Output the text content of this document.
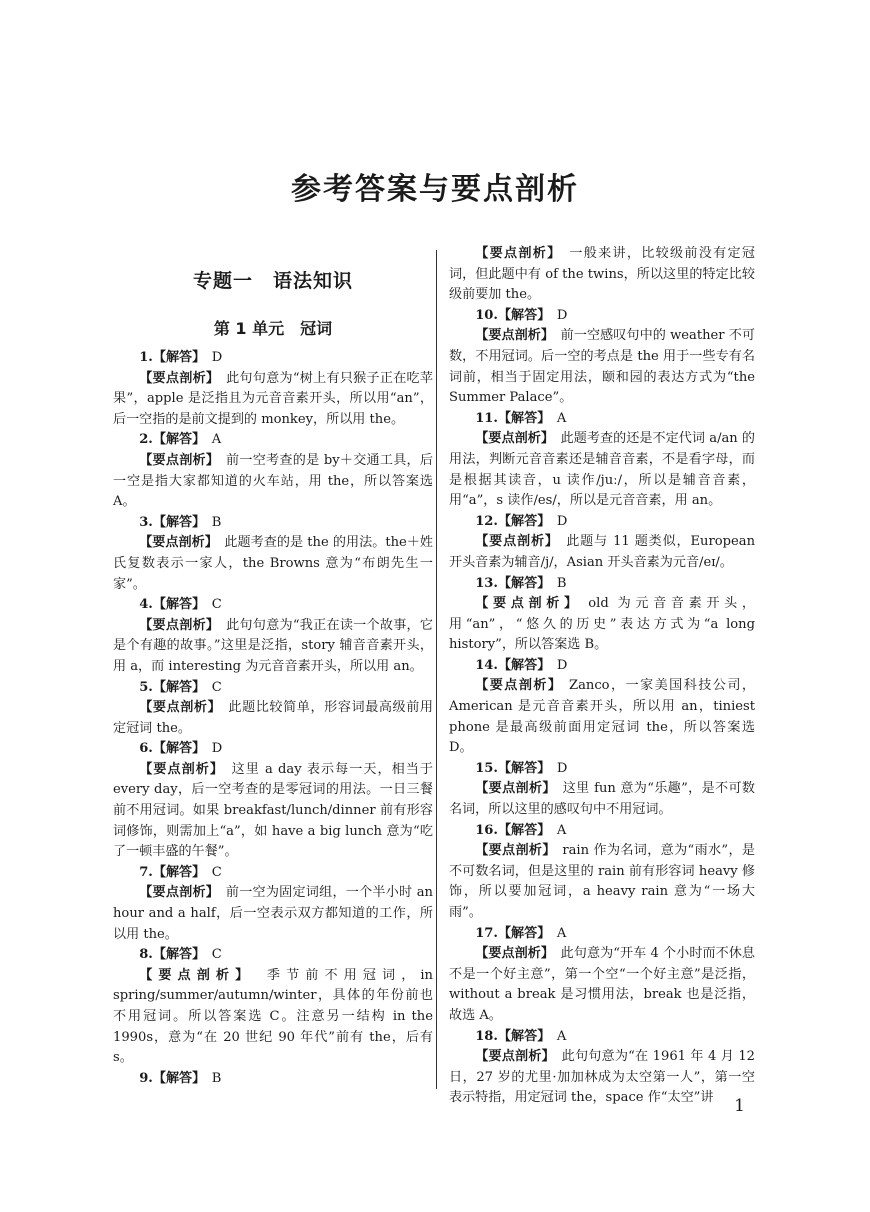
参考答案与要点剖析
专题一　语法知识
第 1 单元　冠词

1.【解答】  D

【要点剖析】  此句句意为“树上有只猴子正在吃苹果”，apple 是泛指且为元音音素开头，所以用“an”，后一空指的是前文提到的 monkey，所以用 the。

2.【解答】  A

【要点剖析】  前一空考查的是 by＋交通工具，后一空是指大家都知道的火车站，用 the，所以答案选 A。

3.【解答】  B

【要点剖析】  此题考查的是 the 的用法。the＋姓氏复数表示一家人，the Browns 意为“布朗先生一家”。

4.【解答】  C

【要点剖析】  此句句意为“我正在读一个故事，它是个有趣的故事。”这里是泛指，story 辅音音素开头，用 a，而 interesting 为元音音素开头，所以用 an。

5.【解答】  C

【要点剖析】  此题比较简单，形容词最高级前用定冠词 the。

6.【解答】  D

【要点剖析】  这里 a day 表示每一天，相当于 every day，后一空考查的是零冠词的用法。一日三餐前不用冠词。如果 breakfast/lunch/dinner 前有形容词修饰，则需加上“a”，如 have a big lunch 意为“吃了一顿丰盛的午餐”。

7.【解答】  C

【要点剖析】  前一空为固定词组，一个半小时 an hour and a half，后一空表示双方都知道的工作，所以用 the。

8.【解答】  C

【要点剖析】  季节前不用冠词，in spring/summer/autumn/winter，具体的年份前也不用冠词。所以答案选 C。注意另一结构 in the 1990s，意为“在 20 世纪 90 年代”前有 the，后有 s。

9.【解答】  B

【要点剖析】  一般来讲，比较级前没有定冠词，但此题中有 of the twins，所以这里的特定比较级前要加 the。

10.【解答】  D

【要点剖析】  前一空感叹句中的 weather 不可数，不用冠词。后一空的考点是 the 用于一些专有名词前，相当于固定用法，颐和园的表达方式为“the Summer Palace”。

11.【解答】  A

【要点剖析】  此题考查的还是不定代词 a/an 的用法，判断元音音素还是辅音音素，不是看字母，而是根据其读音，u 读作/juː/，所以是辅音音素，用“a”，s 读作/es/，所以是元音音素，用 an。

12.【解答】  D

【要点剖析】  此题与 11 题类似，European 开头音素为辅音/j/，Asian 开头音素为元音/eɪ/。

13.【解答】  B

【要点剖析】  old 为元音音素开头，用“an”，“悠久的历史”表达方式为“a long history”，所以答案选 B。

14.【解答】  D

【要点剖析】  Zanco，一家美国科技公司，American 是元音音素开头，所以用 an，tiniest phone 是最高级前面用定冠词 the，所以答案选 D。

15.【解答】  D

【要点剖析】  这里 fun 意为“乐趣”，是不可数名词，所以这里的感叹句中不用冠词。

16.【解答】  A

【要点剖析】  rain 作为名词，意为“雨水”，是不可数名词，但是这里的 rain 前有形容词 heavy 修饰，所以要加冠词，a heavy rain 意为“一场大雨”。

17.【解答】  A

【要点剖析】  此句意为“开车 4 个小时而不休息不是一个好主意”，第一个空“一个好主意”是泛指，without a break 是习惯用法，break 也是泛指，故选 A。

18.【解答】  A

【要点剖析】  此句句意为“在 1961 年 4 月 12 日，27 岁的尤里·加加林成为太空第一人”，第一空表示特指，用定冠词 the，space 作“太空”讲	1
